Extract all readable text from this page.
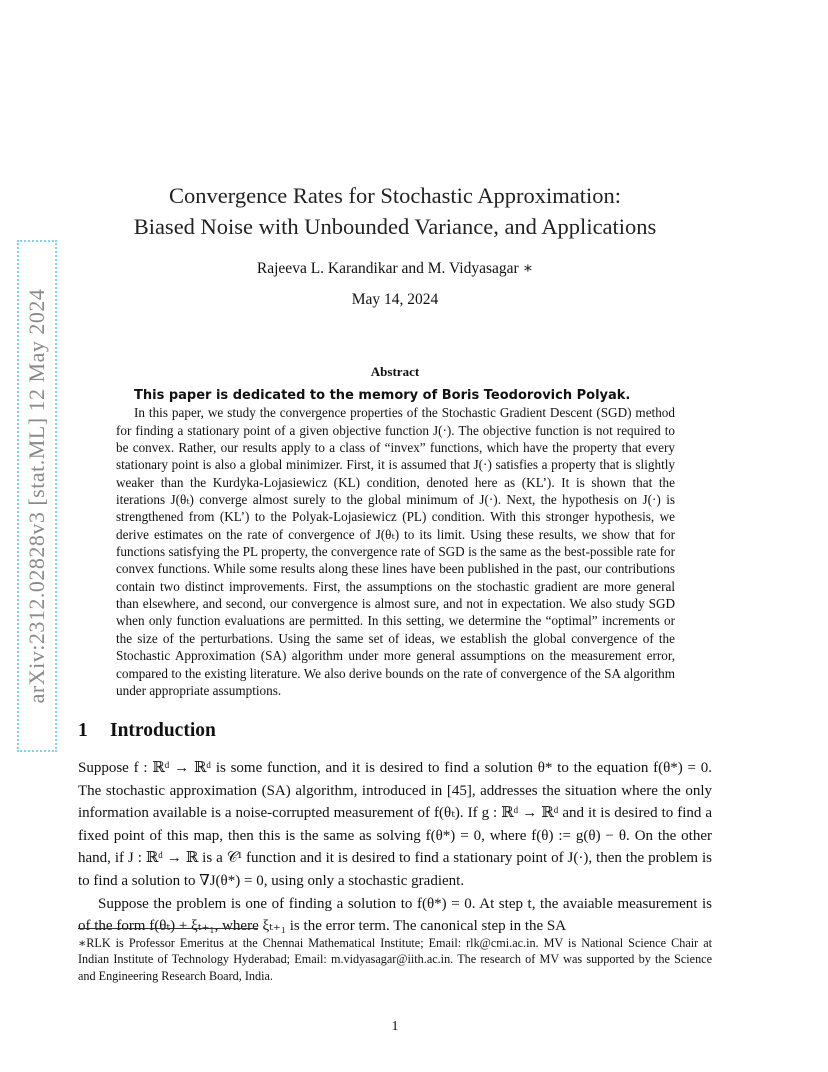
arXiv:2312.02828v3 [stat.ML] 12 May 2024
Convergence Rates for Stochastic Approximation:
Biased Noise with Unbounded Variance, and Applications
Rajeeva L. Karandikar and M. Vidyasagar ∗
May 14, 2024
Abstract

This paper is dedicated to the memory of Boris Teodorovich Polyak.

In this paper, we study the convergence properties of the Stochastic Gradient Descent (SGD) method for finding a stationary point of a given objective function J(·). The objective function is not required to be convex. Rather, our results apply to a class of “invex” functions, which have the property that every stationary point is also a global minimizer. First, it is assumed that J(·) satisfies a property that is slightly weaker than the Kurdyka-Lojasiewicz (KL) condition, denoted here as (KL’). It is shown that the iterations J(θₜ) converge almost surely to the global minimum of J(·). Next, the hypothesis on J(·) is strengthened from (KL’) to the Polyak-Lojasiewicz (PL) condition. With this stronger hypothesis, we derive estimates on the rate of convergence of J(θₜ) to its limit. Using these results, we show that for functions satisfying the PL property, the convergence rate of SGD is the same as the best-possible rate for convex functions. While some results along these lines have been published in the past, our contributions contain two distinct improvements. First, the assumptions on the stochastic gradient are more general than elsewhere, and second, our convergence is almost sure, and not in expectation. We also study SGD when only function evaluations are permitted. In this setting, we determine the “optimal” increments or the size of the perturbations. Using the same set of ideas, we establish the global convergence of the Stochastic Approximation (SA) algorithm under more general assumptions on the measurement error, compared to the existing literature. We also derive bounds on the rate of convergence of the SA algorithm under appropriate assumptions.

1 Introduction

Suppose f : ℝᵈ → ℝᵈ is some function, and it is desired to find a solution θ* to the equation f(θ*) = 0. The stochastic approximation (SA) algorithm, introduced in [45], addresses the situation where the only information available is a noise-corrupted measurement of f(θₜ). If g : ℝᵈ → ℝᵈ and it is desired to find a fixed point of this map, then this is the same as solving f(θ*) = 0, where f(θ) := g(θ) − θ. On the other hand, if J : ℝᵈ → ℝ is a 𝒞¹ function and it is desired to find a stationary point of J(·), then the problem is to find a solution to ∇J(θ*) = 0, using only a stochastic gradient.

Suppose the problem is one of finding a solution to f(θ*) = 0. At step t, the avaiable measurement is of the form f(θₜ) + ξₜ₊₁, where ξₜ₊₁ is the error term. The canonical step in the SA

∗RLK is Professor Emeritus at the Chennai Mathematical Institute; Email: rlk@cmi.ac.in. MV is National Science Chair at Indian Institute of Technology Hyderabad; Email: m.vidyasagar@iith.ac.in. The research of MV was supported by the Science and Engineering Research Board, India.
1
